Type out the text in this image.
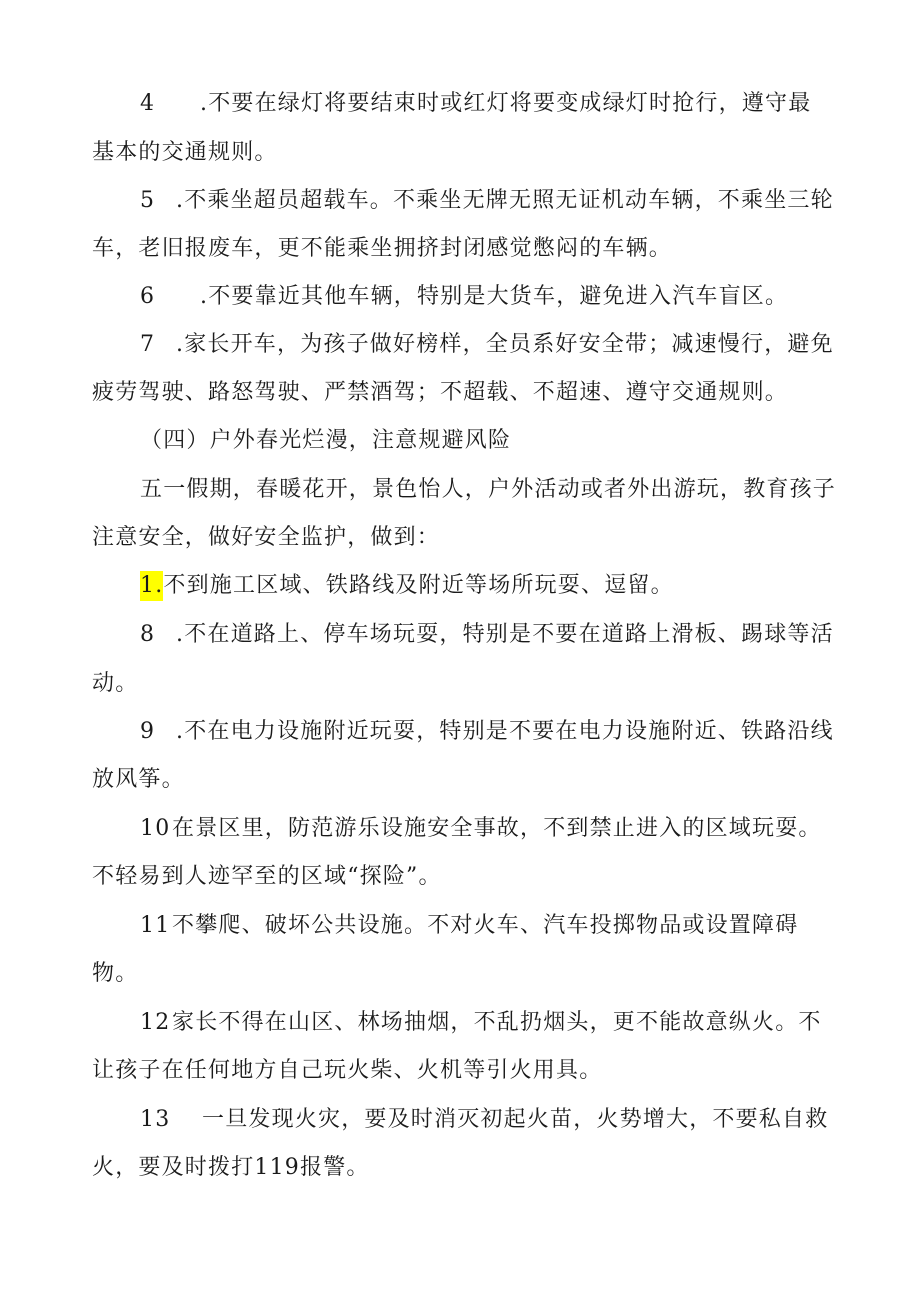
4 .不要在绿灯将要结束时或红灯将要变成绿灯时抢行，遵守最
基本的交通规则。
5 .不乘坐超员超载车。不乘坐无牌无照无证机动车辆，不乘坐三轮
车，老旧报废车，更不能乘坐拥挤封闭感觉憋闷的车辆。
6 .不要靠近其他车辆，特别是大货车，避免进入汽车盲区。
7 .家长开车，为孩子做好榜样，全员系好安全带；减速慢行，避免
疲劳驾驶、路怒驾驶、严禁酒驾；不超载、不超速、遵守交通规则。
（四）户外春光烂漫，注意规避风险
五一假期，春暖花开，景色怡人，户外活动或者外出游玩，教育孩子
注意安全，做好安全监护，做到：
1.不到施工区域、铁路线及附近等场所玩耍、逗留。
8 .不在道路上、停车场玩耍，特别是不要在道路上滑板、踢球等活
动。
9 .不在电力设施附近玩耍，特别是不要在电力设施附近、铁路沿线
放风筝。
10在景区里，防范游乐设施安全事故，不到禁止进入的区域玩耍。
不轻易到人迹罕至的区域“探险”。
11不攀爬、破坏公共设施。不对火车、汽车投掷物品或设置障碍
物。
12家长不得在山区、林场抽烟，不乱扔烟头，更不能故意纵火。不
让孩子在任何地方自己玩火柴、火机等引火用具。
13 一旦发现火灾，要及时消灭初起火苗，火势增大，不要私自救
火，要及时拨打119报警。
